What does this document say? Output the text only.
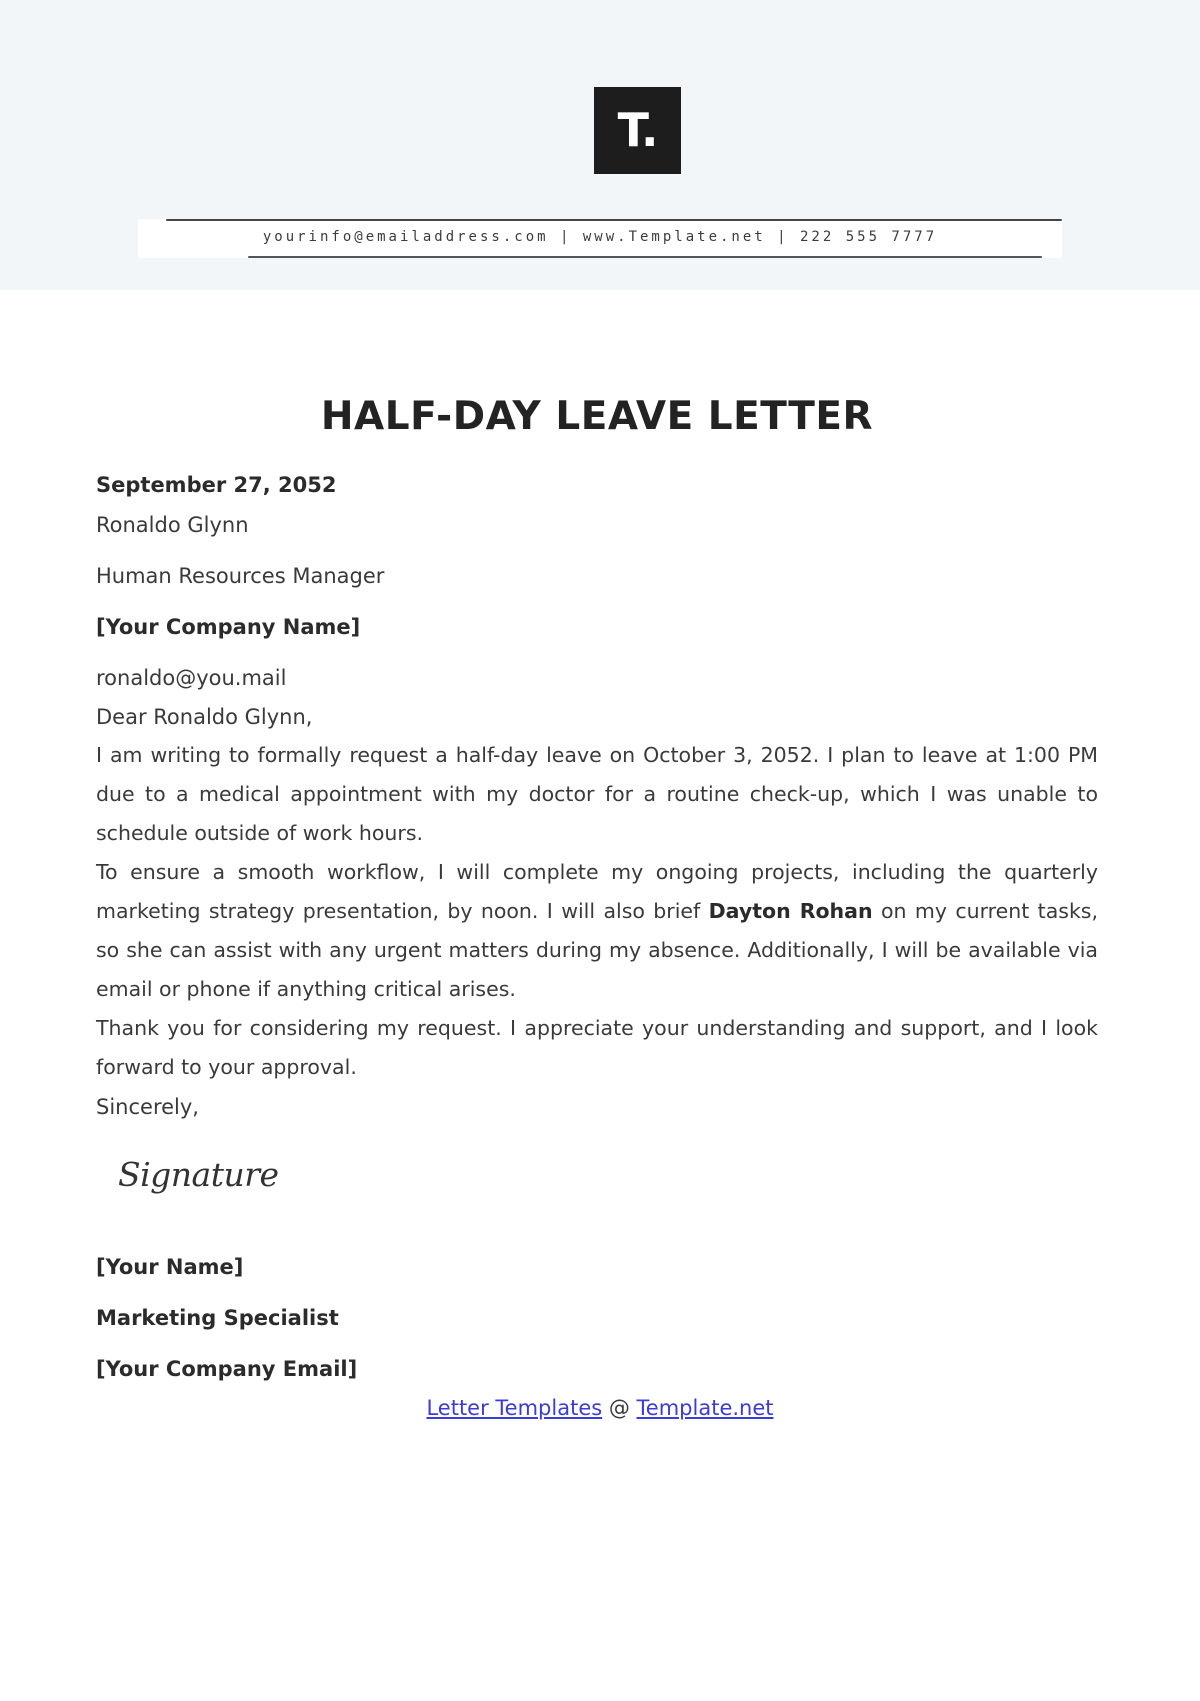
T.
yourinfo@emailaddress.com | www.Template.net | 222 555 7777
HALF-DAY LEAVE LETTER
September 27, 2052
Ronaldo Glynn
Human Resources Manager
[Your Company Name]
ronaldo@you.mail
Dear Ronaldo Glynn,
I am writing to formally request a half-day leave on October 3, 2052. I plan to leave at 1:00 PM due to a medical appointment with my doctor for a routine check-up, which I was unable to schedule outside of work hours.
To ensure a smooth workflow, I will complete my ongoing projects, including the quarterly marketing strategy presentation, by noon. I will also brief Dayton Rohan on my current tasks, so she can assist with any urgent matters during my absence. Additionally, I will be available via email or phone if anything critical arises.
Thank you for considering my request. I appreciate your understanding and support, and I look forward to your approval.
Sincerely,
Signature
[Your Name]
Marketing Specialist
[Your Company Email]
Letter Templates @ Template.net
